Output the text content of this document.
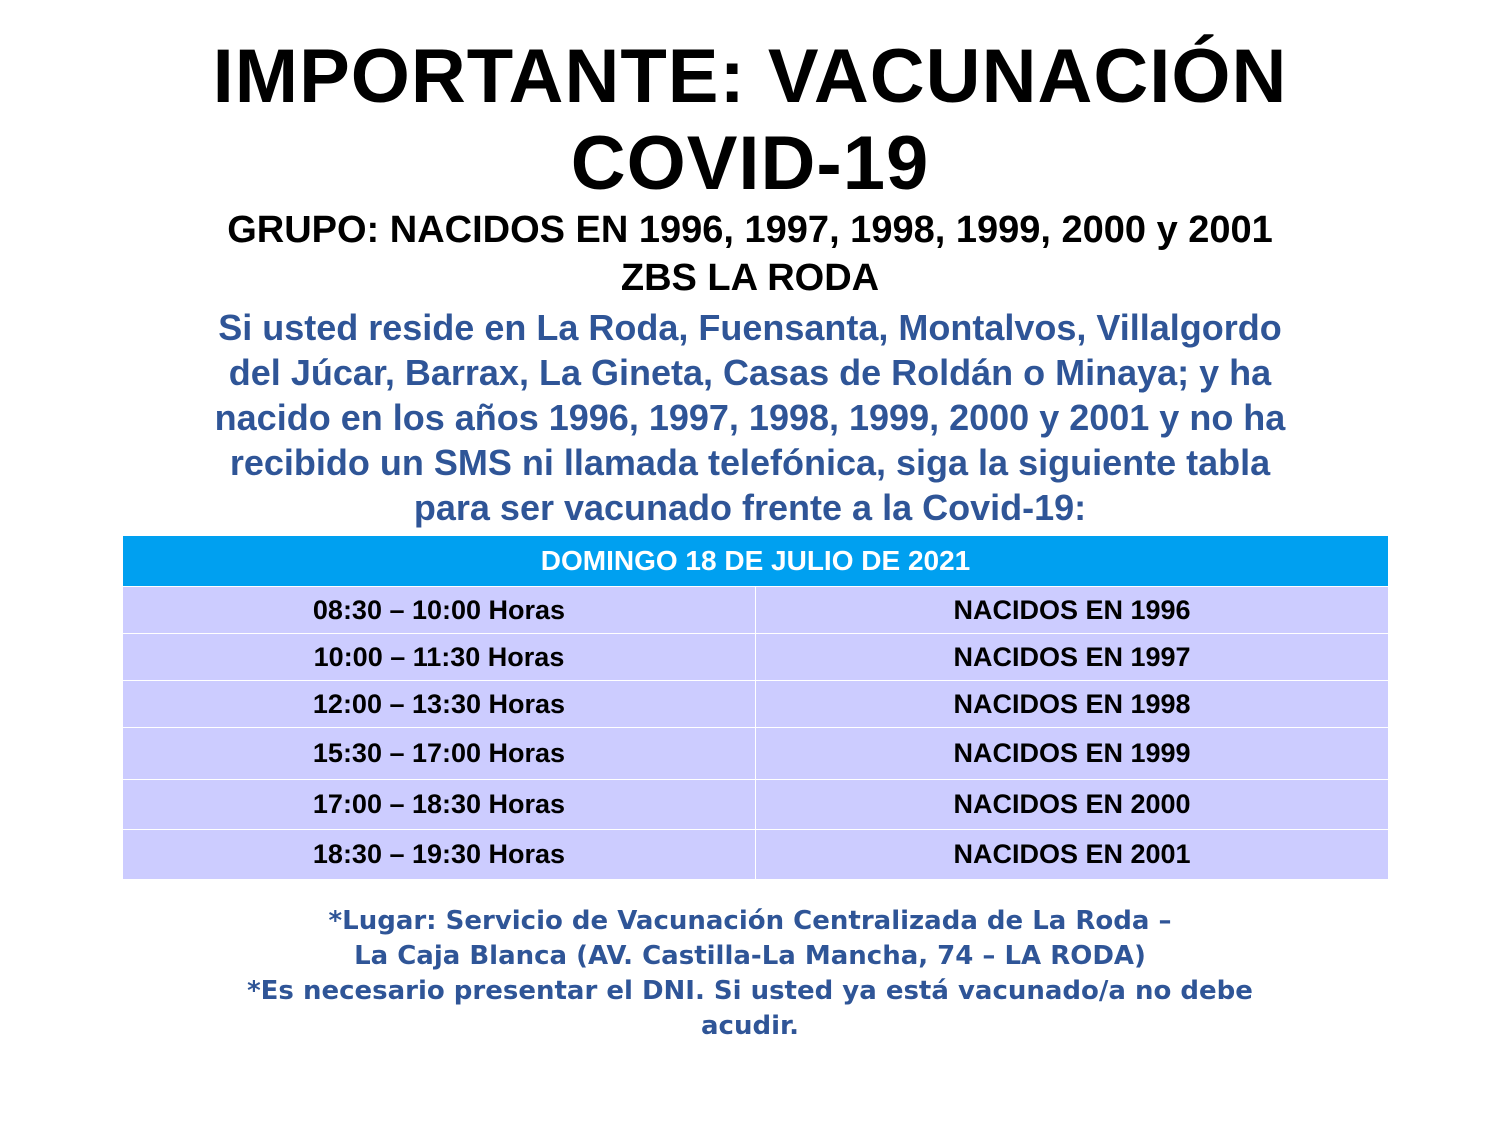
IMPORTANTE: VACUNACIÓN
COVID-19
GRUPO: NACIDOS EN 1996, 1997, 1998, 1999, 2000 y 2001
ZBS LA RODA
Si usted reside en La Roda, Fuensanta, Montalvos, Villalgordo
del Júcar, Barrax, La Gineta, Casas de Roldán o Minaya; y ha
nacido en los años 1996, 1997, 1998, 1999, 2000 y 2001 y no ha
recibido un SMS ni llamada telefónica, siga la siguiente tabla
para ser vacunado frente a la Covid-19:
DOMINGO 18 DE JULIO DE 2021	
08:30 – 10:00 Horas	NACIDOS EN 1996
10:00 – 11:30 Horas	NACIDOS EN 1997
12:00 – 13:30 Horas	NACIDOS EN 1998
15:30 – 17:00 Horas	NACIDOS EN 1999
17:00 – 18:30 Horas	NACIDOS EN 2000
18:30 – 19:30 Horas	NACIDOS EN 2001
*Lugar: Servicio de Vacunación Centralizada de La Roda –
La Caja Blanca (AV. Castilla-La Mancha, 74 – LA RODA)
*Es necesario presentar el DNI. Si usted ya está vacunado/a no debe
acudir.
